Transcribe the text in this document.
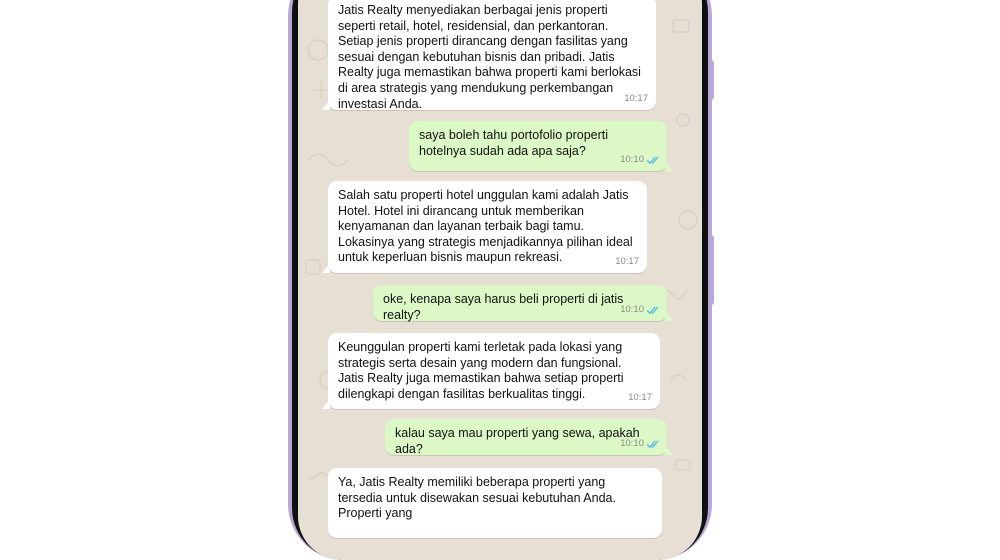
Jatis Realty menyediakan berbagai jenis properti seperti retail, hotel, residensial, dan perkantoran. Setiap jenis properti dirancang dengan fasilitas yang sesuai dengan kebutuhan bisnis dan pribadi. Jatis Realty juga memastikan bahwa properti kami berlokasi di area strategis yang mendukung perkembangan investasi Anda.	10:17
saya boleh tahu portofolio properti hotelnya sudah ada apa saja?
10:10
Salah satu properti hotel unggulan kami adalah Jatis Hotel. Hotel ini dirancang untuk memberikan kenyamanan dan layanan terbaik bagi tamu. Lokasinya yang strategis menjadikannya pilihan ideal untuk keperluan bisnis maupun rekreasi.	10:17
oke, kenapa saya harus beli properti di jatis realty?	10:10
Keunggulan properti kami terletak pada lokasi yang strategis serta desain yang modern dan fungsional. Jatis Realty juga memastikan bahwa setiap properti dilengkapi dengan fasilitas berkualitas tinggi.	10:17
kalau saya mau properti yang sewa, apakah ada?	10:10
Ya, Jatis Realty memiliki beberapa properti yang tersedia untuk disewakan sesuai kebutuhan Anda. Properti yang
